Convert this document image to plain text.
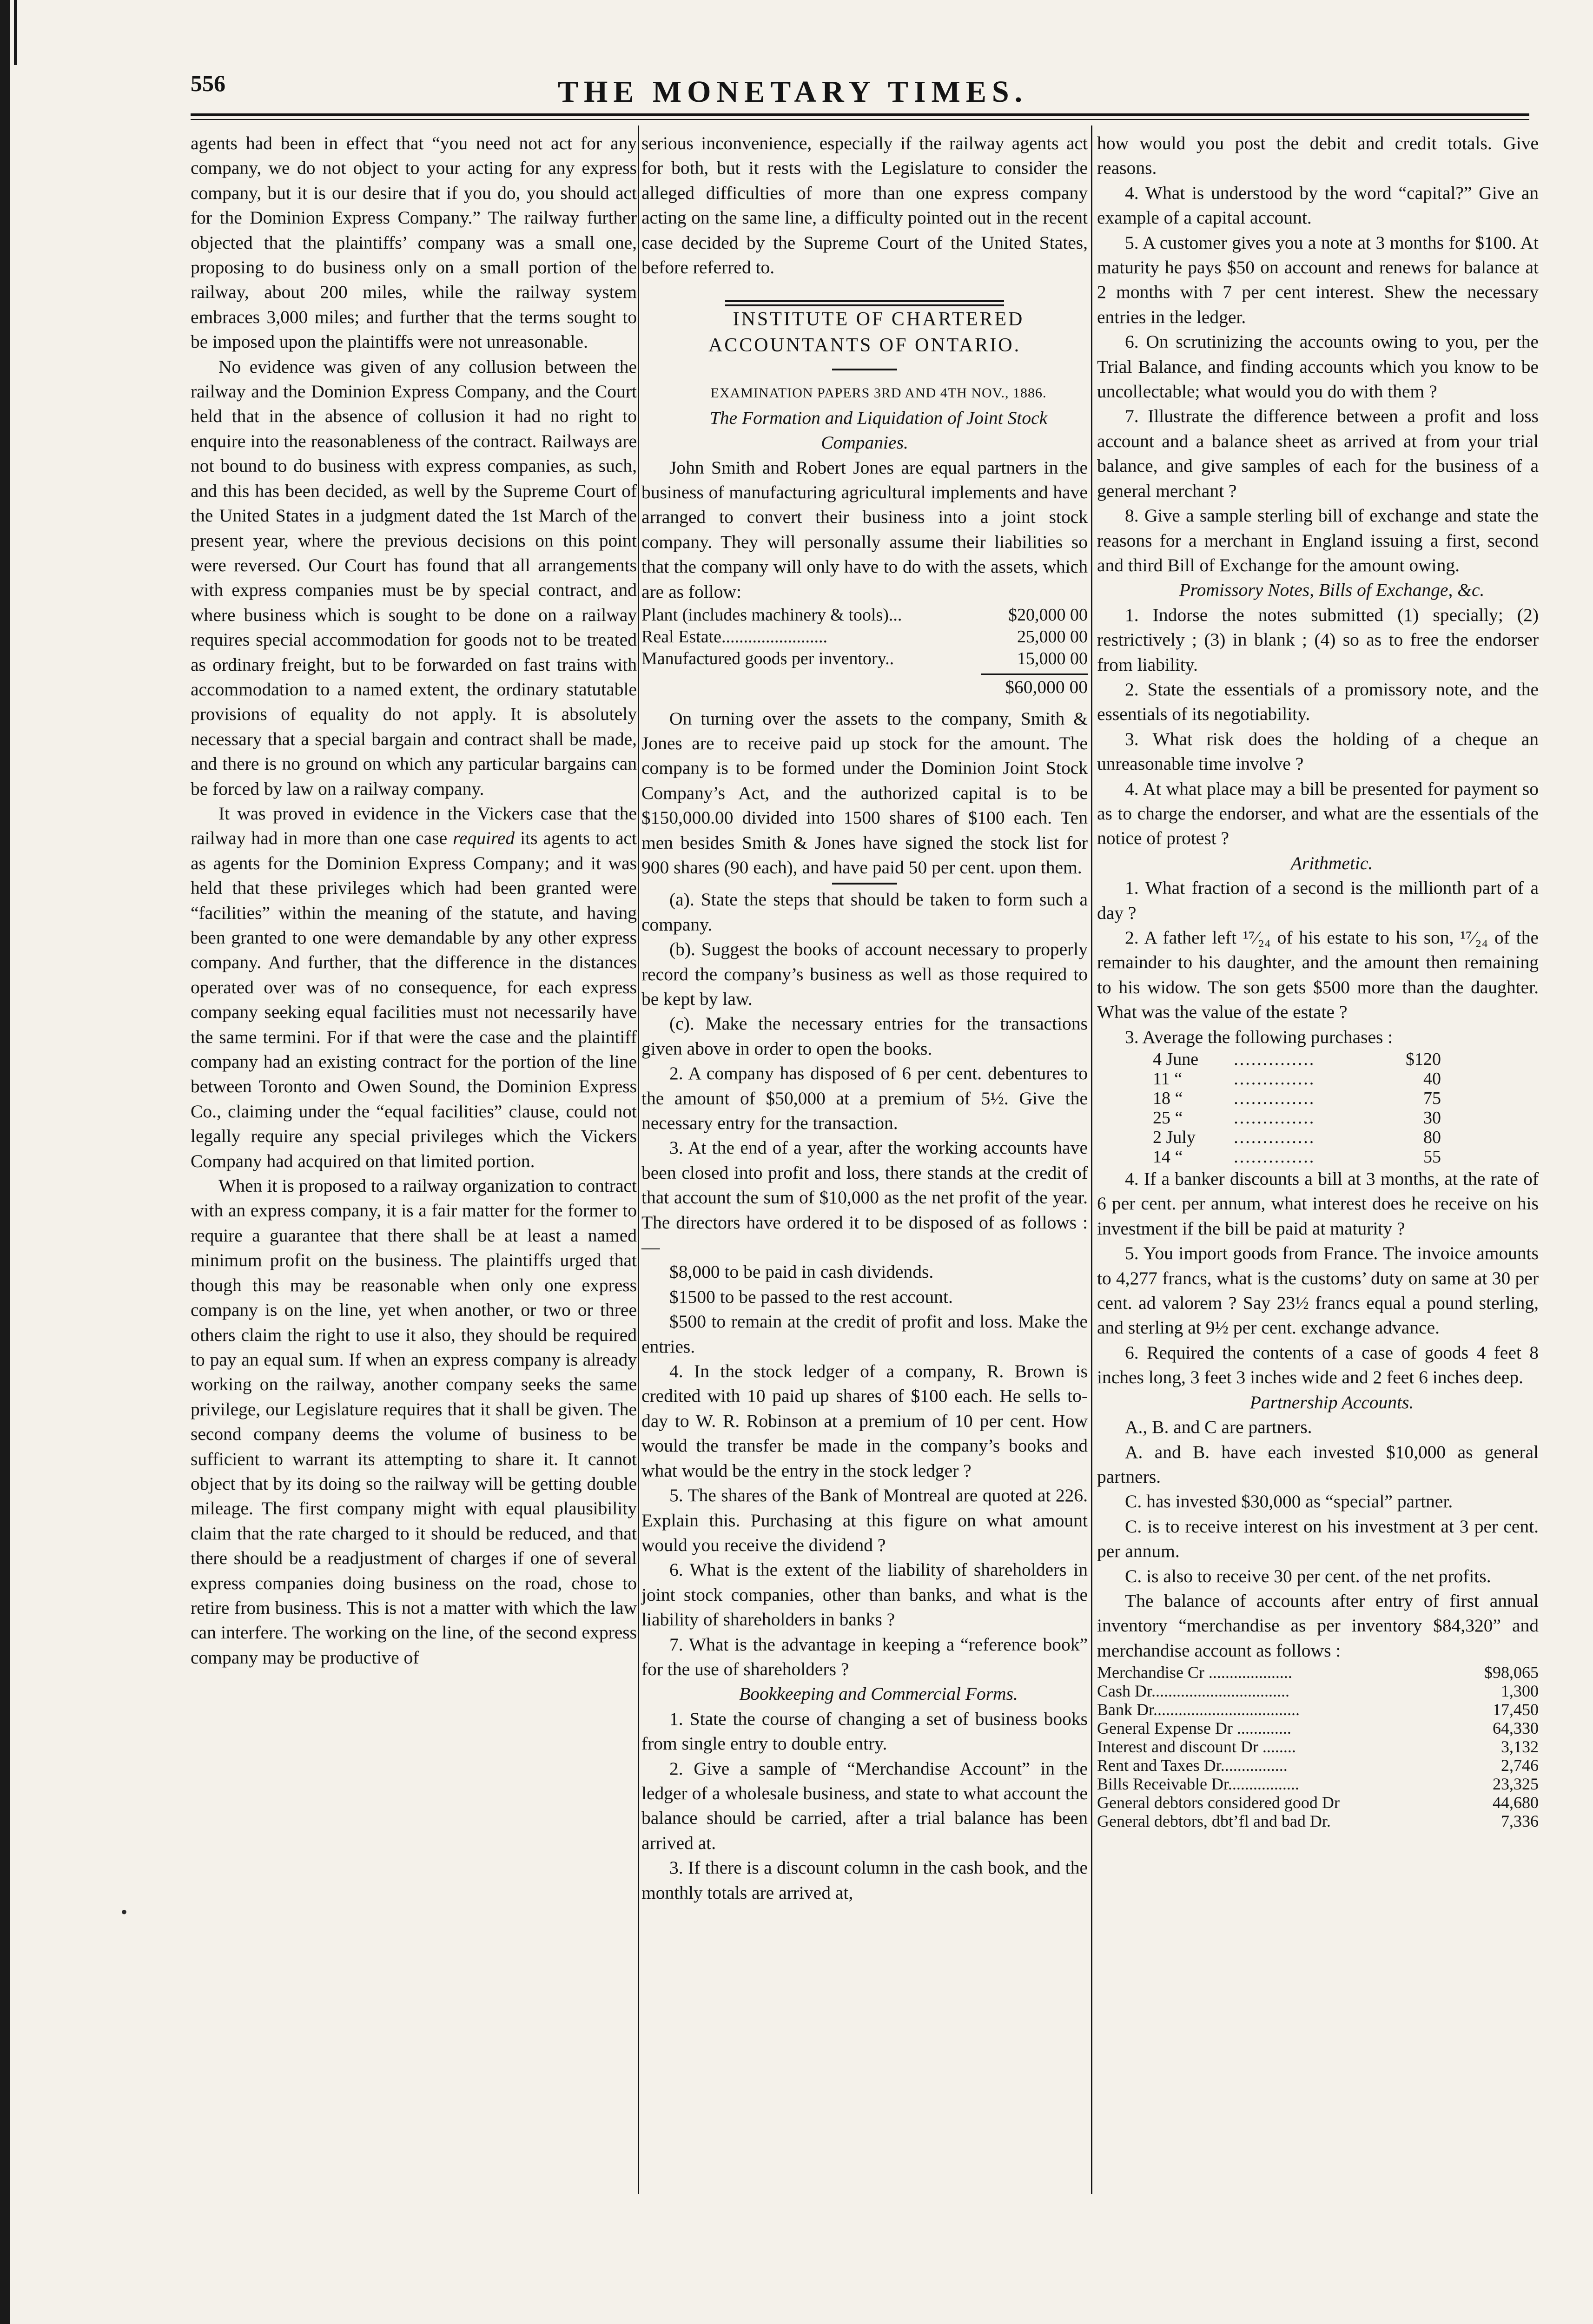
556	THE MONETARY TIMES.
•

agents had been in effect that “you need not act for any company, we do not object to your acting for any express company, but it is our desire that if you do, you should act for the Dominion Express Company.” The railway further objected that the plaintiffs’ company was a small one, proposing to do business only on a small portion of the railway, about 200 miles, while the railway system embraces 3,000 miles; and further that the terms sought to be imposed upon the plaintiffs were not unreasonable.

No evidence was given of any collusion between the railway and the Dominion Express Company, and the Court held that in the absence of collusion it had no right to enquire into the reasonableness of the contract. Railways are not bound to do business with express companies, as such, and this has been decided, as well by the Supreme Court of the United States in a judgment dated the 1st March of the present year, where the previous decisions on this point were reversed. Our Court has found that all arrangements with express companies must be by special contract, and where business which is sought to be done on a railway requires special accommodation for goods not to be treated as ordinary freight, but to be forwarded on fast trains with accommodation to a named extent, the ordinary statutable provisions of equality do not apply. It is absolutely necessary that a special bargain and contract shall be made, and there is no ground on which any particular bargains can be forced by law on a railway company.

It was proved in evidence in the Vickers case that the railway had in more than one case required its agents to act as agents for the Dominion Express Company; and it was held that these privileges which had been granted were “facilities” within the meaning of the statute, and having been granted to one were demandable by any other express company. And further, that the difference in the distances operated over was of no consequence, for each express company seeking equal facilities must not necessarily have the same termini. For if that were the case and the plaintiff company had an existing contract for the portion of the line between Toronto and Owen Sound, the Dominion Express Co., claiming under the “equal facilities” clause, could not legally require any special privileges which the Vickers Company had acquired on that limited portion.

When it is proposed to a railway organization to contract with an express company, it is a fair matter for the former to require a guarantee that there shall be at least a named minimum profit on the business. The plaintiffs urged that though this may be reasonable when only one express company is on the line, yet when another, or two or three others claim the right to use it also, they should be required to pay an equal sum. If when an express company is already working on the railway, another company seeks the same privilege, our Legislature requires that it shall be given. The second company deems the volume of business to be sufficient to warrant its attempting to share it. It cannot object that by its doing so the railway will be getting double mileage. The first company might with equal plausibility claim that the rate charged to it should be reduced, and that there should be a readjustment of charges if one of several express companies doing business on the road, chose to retire from business. This is not a matter with which the law can interfere. The working on the line, of the second express company may be productive of

serious inconvenience, especially if the railway agents act for both, but it rests with the Legislature to consider the alleged difficulties of more than one express company acting on the same line, a difficulty pointed out in the recent case decided by the Supreme Court of the United States, before referred to.

INSTITUTE OF CHARTERED ACCOUNTANTS OF ONTARIO.

EXAMINATION PAPERS 3RD AND 4TH NOV., 1886.

The Formation and Liquidation of Joint Stock Companies.

John Smith and Robert Jones are equal partners in the business of manufacturing agricultural implements and have arranged to convert their business into a joint stock company. They will personally assume their liabilities so that the company will only have to do with the assets, which are as follow:

Plant (includes machinery & tools)...	$20,000 00
Real Estate........................	25,000 00
Manufactured goods per inventory..	15,000 00
$60,000 00

On turning over the assets to the company, Smith & Jones are to receive paid up stock for the amount. The company is to be formed under the Dominion Joint Stock Company’s Act, and the authorized capital is to be $150,000.00 divided into 1500 shares of $100 each. Ten men besides Smith & Jones have signed the stock list for 900 shares (90 each), and have paid 50 per cent. upon them.

(a). State the steps that should be taken to form such a company.

(b). Suggest the books of account necessary to properly record the company’s business as well as those required to be kept by law.

(c). Make the necessary entries for the transactions given above in order to open the books.

2. A company has disposed of 6 per cent. debentures to the amount of $50,000 at a premium of 5½. Give the necessary entry for the transaction.

3. At the end of a year, after the working accounts have been closed into profit and loss, there stands at the credit of that account the sum of $10,000 as the net profit of the year. The directors have ordered it to be disposed of as follows :—

$8,000 to be paid in cash dividends.

$1500 to be passed to the rest account.

$500 to remain at the credit of profit and loss. Make the entries.

4. In the stock ledger of a company, R. Brown is credited with 10 paid up shares of $100 each. He sells to-day to W. R. Robinson at a premium of 10 per cent. How would the transfer be made in the company’s books and what would be the entry in the stock ledger ?

5. The shares of the Bank of Montreal are quoted at 226. Explain this. Purchasing at this figure on what amount would you receive the dividend ?

6. What is the extent of the liability of shareholders in joint stock companies, other than banks, and what is the liability of shareholders in banks ?

7. What is the advantage in keeping a “reference book” for the use of shareholders ?

Bookkeeping and Commercial Forms.

1. State the course of changing a set of business books from single entry to double entry.

2. Give a sample of “Merchandise Account” in the ledger of a wholesale business, and state to what account the balance should be carried, after a trial balance has been arrived at.

3. If there is a discount column in the cash book, and the monthly totals are arrived at,

how would you post the debit and credit totals. Give reasons.

4. What is understood by the word “capital?” Give an example of a capital account.

5. A customer gives you a note at 3 months for $100. At maturity he pays $50 on account and renews for balance at 2 months with 7 per cent interest. Shew the necessary entries in the ledger.

6. On scrutinizing the accounts owing to you, per the Trial Balance, and finding accounts which you know to be uncollectable; what would you do with them ?

7. Illustrate the difference between a profit and loss account and a balance sheet as arrived at from your trial balance, and give samples of each for the business of a general merchant ?

8. Give a sample sterling bill of exchange and state the reasons for a merchant in England issuing a first, second and third Bill of Exchange for the amount owing.

Promissory Notes, Bills of Exchange, &c.

1. Indorse the notes submitted (1) specially; (2) restrictively ; (3) in blank ; (4) so as to free the endorser from liability.

2. State the essentials of a promissory note, and the essentials of its negotiability.

3. What risk does the holding of a cheque an unreasonable time involve ?

4. At what place may a bill be presented for payment so as to charge the endorser, and what are the essentials of the notice of protest ?

Arithmetic.

1. What fraction of a second is the millionth part of a day ?

2. A father left ¹⁷⁄₂₄ of his estate to his son, ¹⁷⁄₂₄ of the remainder to his daughter, and the amount then remaining to his widow. The son gets $500 more than the daughter. What was the value of the estate ?

3. Average the following purchases :

4 June	..............	$120
11 “	..............	40
18 “	..............	75
25 “	..............	30
2 July	..............	80
14 “	..............	55

4. If a banker discounts a bill at 3 months, at the rate of 6 per cent. per annum, what interest does he receive on his investment if the bill be paid at maturity ?

5. You import goods from France. The invoice amounts to 4,277 francs, what is the customs’ duty on same at 30 per cent. ad valorem ? Say 23½ francs equal a pound sterling, and sterling at 9½ per cent. exchange advance.

6. Required the contents of a case of goods 4 feet 8 inches long, 3 feet 3 inches wide and 2 feet 6 inches deep.

Partnership Accounts.

A., B. and C are partners.

A. and B. have each invested $10,000 as general partners.

C. has invested $30,000 as “special” partner.

C. is to receive interest on his investment at 3 per cent. per annum.

C. is also to receive 30 per cent. of the net profits.

The balance of accounts after entry of first annual inventory “merchandise as per inventory $84,320” and merchandise account as follows :

Merchandise Cr ....................	$98,065
Cash Dr.................................	1,300
Bank Dr...................................	17,450
General Expense Dr .............	64,330
Interest and discount Dr ........	3,132
Rent and Taxes Dr................	2,746
Bills Receivable Dr.................	23,325
General debtors considered good Dr	44,680
General debtors, dbt’fl and bad Dr.	7,336
